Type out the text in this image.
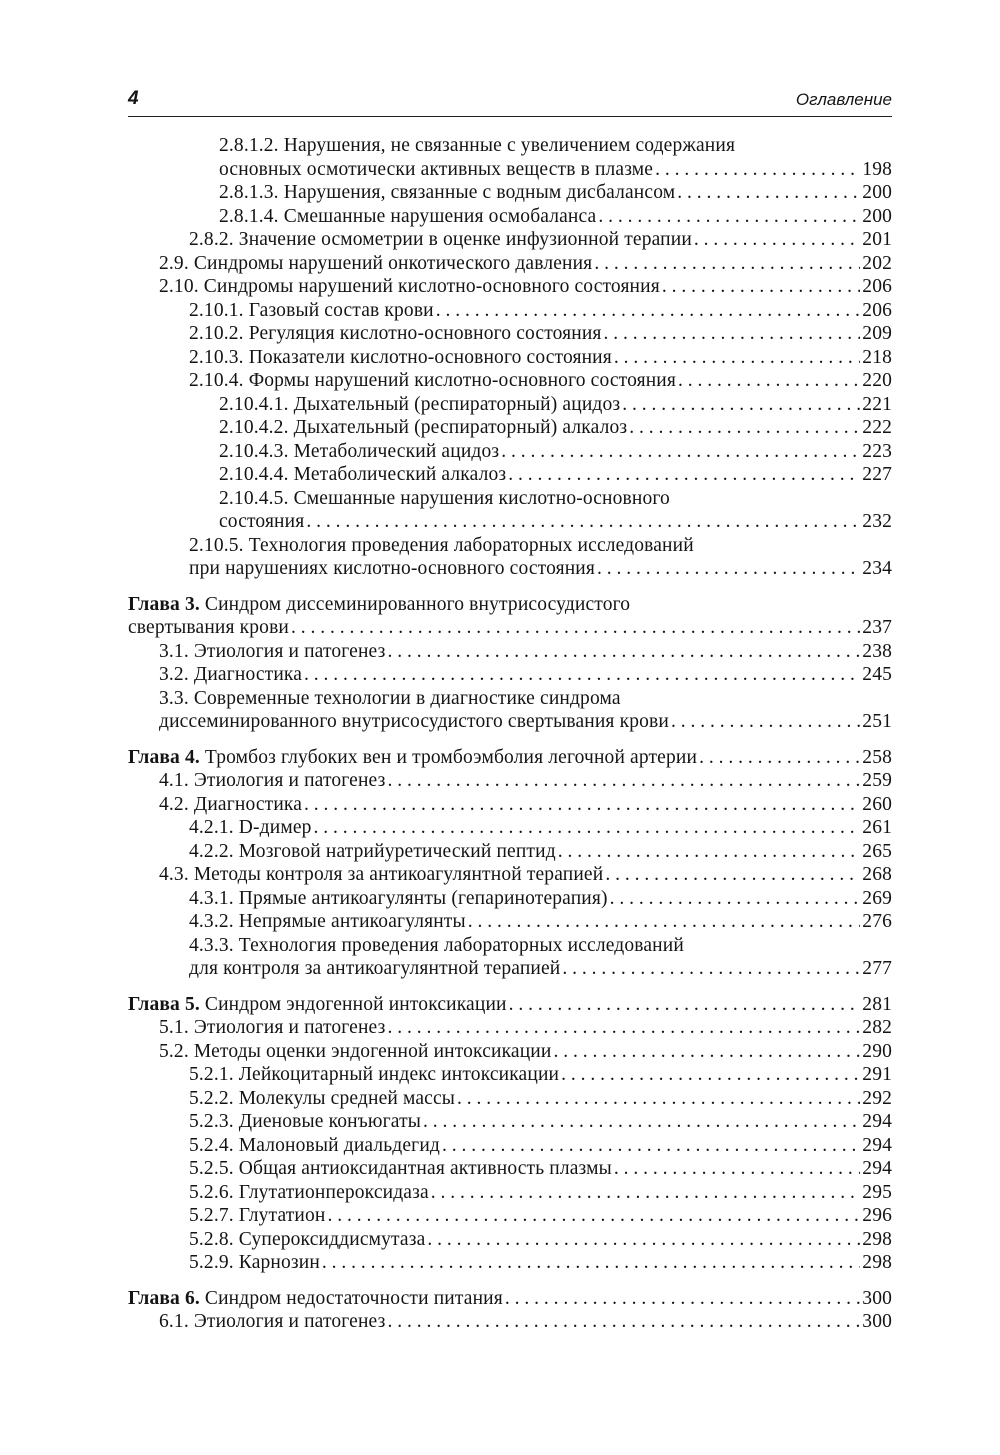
4	Оглавление
2.8.1.2. Нарушения, не связанные с увеличением содержания
основных осмотически активных веществ в плазме . . .	198
2.8.1.3. Нарушения, связанные с водным дисбалансом . . .	200
2.8.1.4. Смешанные нарушения осмобаланса . . .	200
2.8.2. Значение осмометрии в оценке инфузионной терапии . . .	201
2.9. Синдромы нарушений онкотического давления . . .	202
2.10. Синдромы нарушений кислотно-основного состояния . . .	206
2.10.1. Газовый состав крови . . .	206
2.10.2. Регуляция кислотно-основного состояния . . .	209
2.10.3. Показатели кислотно-основного состояния . . .	218
2.10.4. Формы нарушений кислотно-основного состояния . . .	220
2.10.4.1. Дыхательный (респираторный) ацидоз . . .	221
2.10.4.2. Дыхательный (респираторный) алкалоз . . .	222
2.10.4.3. Метаболический ацидоз . . .	223
2.10.4.4. Метаболический алкалоз . . .	227
2.10.4.5. Смешанные нарушения кислотно-основного
состояния . . .	232
2.10.5. Технология проведения лабораторных исследований
при нарушениях кислотно-основного состояния . . .	234
Глава 3. Синдром диссеминированного внутрисосудистого
свертывания крови . . .	237
3.1. Этиология и патогенез . . .	238
3.2. Диагностика . . .	245
3.3. Современные технологии в диагностике синдрома
диссеминированного внутрисосудистого свертывания крови . . .	251
Глава 4. Тромбоз глубоких вен и тромбоэмболия легочной артерии . . .	258
4.1. Этиология и патогенез . . .	259
4.2. Диагностика . . .	260
4.2.1. D-димер . . .	261
4.2.2. Мозговой натрийуретический пептид . . .	265
4.3. Методы контроля за антикоагулянтной терапией . . .	268
4.3.1. Прямые антикоагулянты (гепаринотерапия) . . .	269
4.3.2. Непрямые антикоагулянты . . .	276
4.3.3. Технология проведения лабораторных исследований
для контроля за антикоагулянтной терапией . . .	277
Глава 5. Синдром эндогенной интоксикации . . .	281
5.1. Этиология и патогенез . . .	282
5.2. Методы оценки эндогенной интоксикации . . .	290
5.2.1. Лейкоцитарный индекс интоксикации . . .	291
5.2.2. Молекулы средней массы . . .	292
5.2.3. Диеновые конъюгаты . . .	294
5.2.4. Малоновый диальдегид . . .	294
5.2.5. Общая антиоксидантная активность плазмы . . .	294
5.2.6. Глутатионпероксидаза . . .	295
5.2.7. Глутатион . . .	296
5.2.8. Супероксиддисмутаза . . .	298
5.2.9. Карнозин . . .	298
Глава 6. Синдром недостаточности питания . . .	300
6.1. Этиология и патогенез . . .	300
